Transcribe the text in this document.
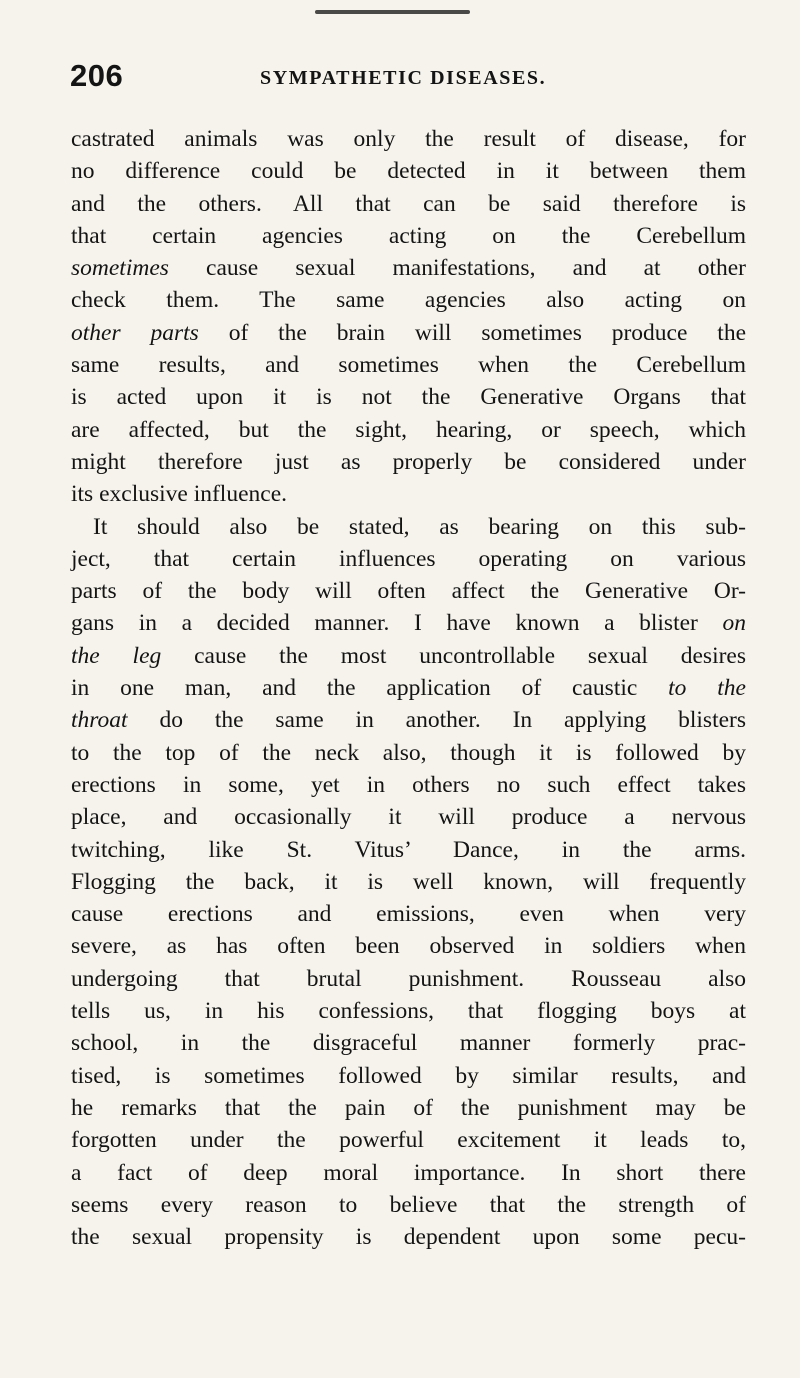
206	SYMPATHETIC DISEASES.
castrated animals was only the result of disease, for
no difference could be detected in it between them
and the others. All that can be said therefore is
that certain agencies acting on the Cerebellum
sometimes cause sexual manifestations, and at other
check them. The same agencies also acting on
other parts of the brain will sometimes produce the
same results, and sometimes when the Cerebellum
is acted upon it is not the Generative Organs that
are affected, but the sight, hearing, or speech, which
might therefore just as properly be considered under
its exclusive influence.
It should also be stated, as bearing on this sub-
ject, that certain influences operating on various
parts of the body will often affect the Generative Or-
gans in a decided manner. I have known a blister on
the leg cause the most uncontrollable sexual desires
in one man, and the application of caustic to the
throat do the same in another. In applying blisters
to the top of the neck also, though it is followed by
erections in some, yet in others no such effect takes
place, and occasionally it will produce a nervous
twitching, like St. Vitus’ Dance, in the arms.
Flogging the back, it is well known, will frequently
cause erections and emissions, even when very
severe, as has often been observed in soldiers when
undergoing that brutal punishment. Rousseau also
tells us, in his confessions, that flogging boys at
school, in the disgraceful manner formerly prac-
tised, is sometimes followed by similar results, and
he remarks that the pain of the punishment may be
forgotten under the powerful excitement it leads to,
a fact of deep moral importance. In short there
seems every reason to believe that the strength of
the sexual propensity is dependent upon some pecu-
